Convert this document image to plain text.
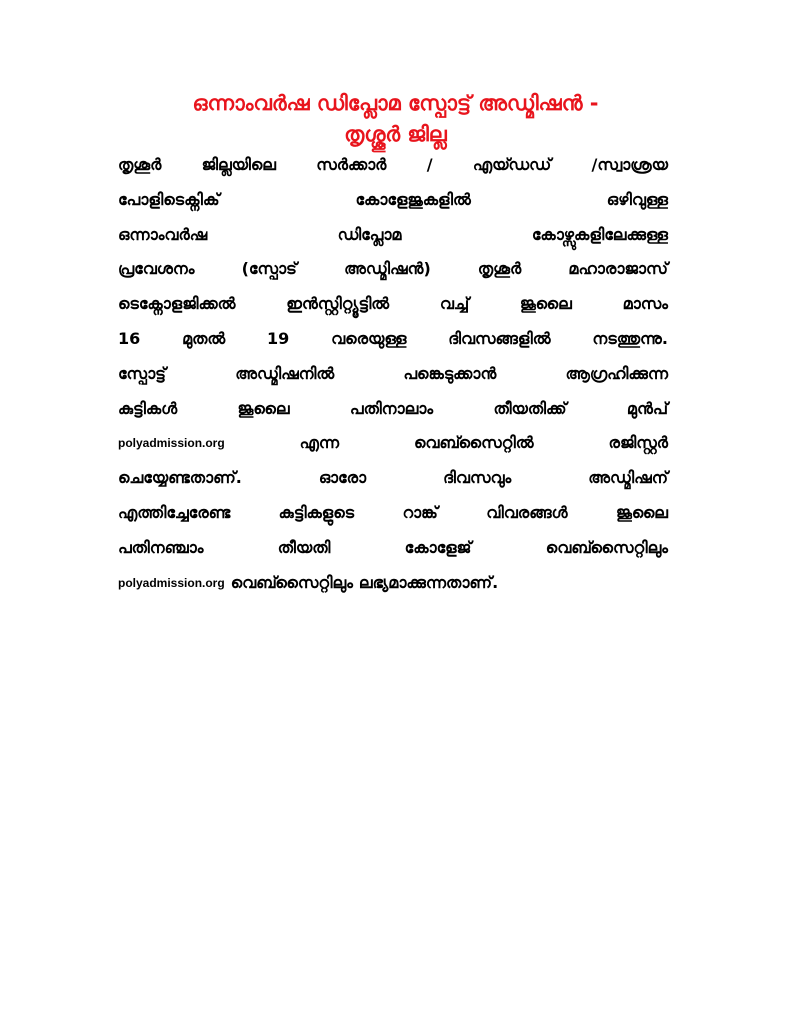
ഒന്നാംവർഷ ഡിപ്ലോമ സ്പോട്ട് അഡ്മിഷൻ -
തൃശ്ശൂർ ജില്ല
തൃശൂർ	ജില്ലയിലെ	സർക്കാർ	/	എയ്ഡഡ്	/സ്വാശ്രയ
പോളിടെക്നിക്	കോളേജുകളിൽ	ഒഴിവുള്ള
ഒന്നാംവർഷ	ഡിപ്ലോമ	കോഴ്സുകളിലേക്കുള്ള
പ്രവേശനം	(സ്പോട്	അഡ്മിഷൻ)	തൃശൂർ	മഹാരാജാസ്
ടെക്നോളജിക്കൽ	ഇൻസ്റ്റിറ്റ്യൂട്ടിൽ	വച്ച്	ജൂലൈ	മാസം
16	മുതൽ	19	വരെയുള്ള	ദിവസങ്ങളിൽ	നടത്തുന്നു.
സ്പോട്ട്	അഡ്മിഷനിൽ	പങ്കെടുക്കാൻ	ആഗ്രഹിക്കുന്ന
കുട്ടികൾ	ജൂലൈ	പതിനാലാം	തീയതിക്ക്	മുൻപ്
polyadmission.org	എന്ന	വെബ്സൈറ്റിൽ	രജിസ്റ്റർ
ചെയ്യേണ്ടതാണ്.	ഓരോ	ദിവസവും	അഡ്മിഷന്
എത്തിച്ചേരേണ്ട	കുട്ടികളുടെ	റാങ്ക്	വിവരങ്ങൾ	ജൂലൈ
പതിനഞ്ചാം	തീയതി	കോളേജ്	വെബ്സൈറ്റിലും
polyadmission.org വെബ്സൈറ്റിലും ലഭ്യമാക്കുന്നതാണ്.
